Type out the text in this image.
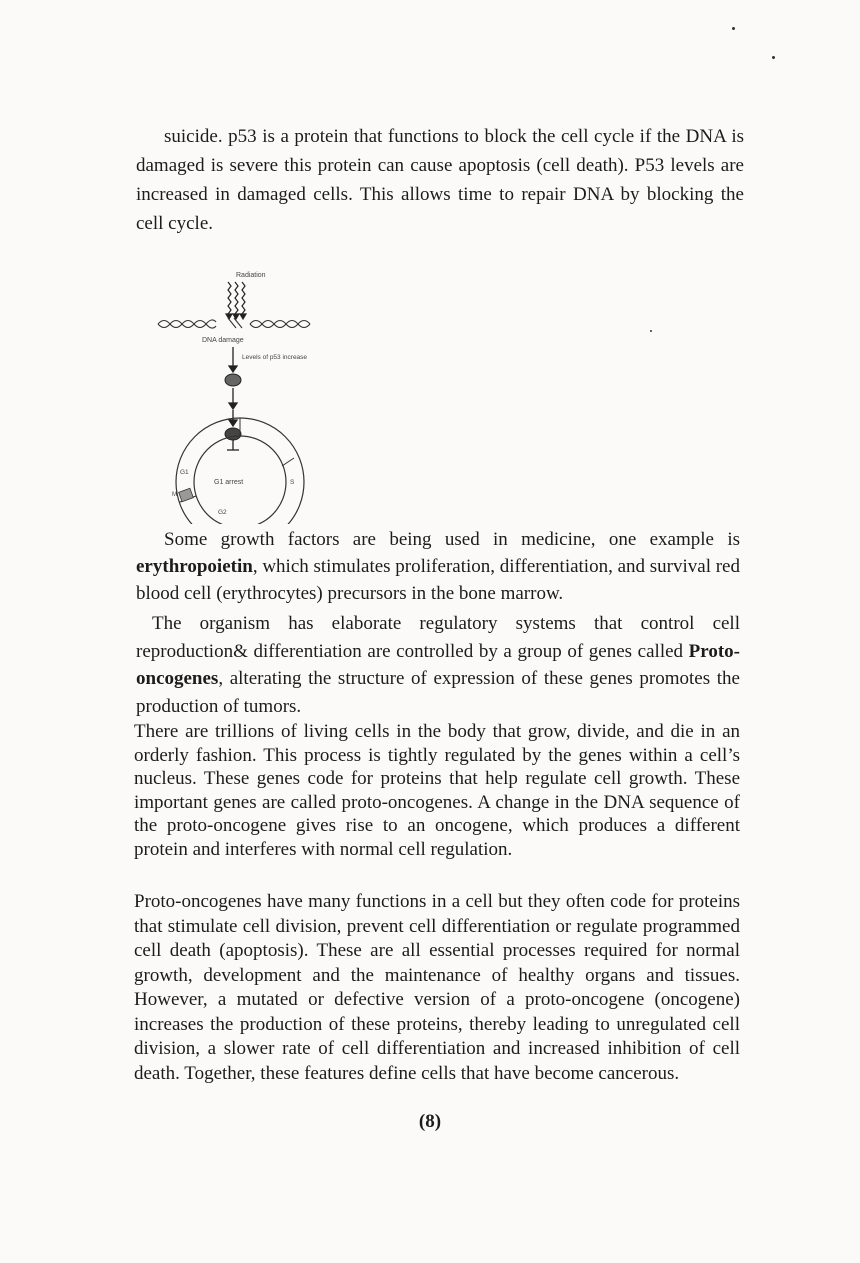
suicide. p53 is a protein that functions to block the cell cycle if the DNA is damaged is severe this protein can cause apoptosis (cell death). P53 levels are increased in damaged cells. This allows time to repair DNA by blocking the cell cycle.

Radiation
DNA damage
Levels of p53 increase
G1
S
G2
M
G1 arrest

Some growth factors are being used in medicine, one example is erythropoietin, which stimulates proliferation, differentiation, and survival red blood cell (erythrocytes) precursors in the bone marrow.

The organism has elaborate regulatory systems that control cell reproduction& differentiation are controlled by a group of genes called Proto-oncogenes, alterating the structure of expression of these genes promotes the production of tumors.

There are trillions of living cells in the body that grow, divide, and die in an orderly fashion. This process is tightly regulated by the genes within a cell’s nucleus. These genes code for proteins that help regulate cell growth. These important genes are called proto-oncogenes. A change in the DNA sequence of the proto-oncogene gives rise to an oncogene, which produces a different protein and interferes with normal cell regulation.

Proto-oncogenes have many functions in a cell but they often code for proteins that stimulate cell division, prevent cell differentiation or regulate programmed cell death (apoptosis). These are all essential processes required for normal growth, development and the maintenance of healthy organs and tissues. However, a mutated or defective version of a proto-oncogene (oncogene) increases the production of these proteins, thereby leading to unregulated cell division, a slower rate of cell differentiation and increased inhibition of cell death. Together, these features define cells that have become cancerous.

(8)
